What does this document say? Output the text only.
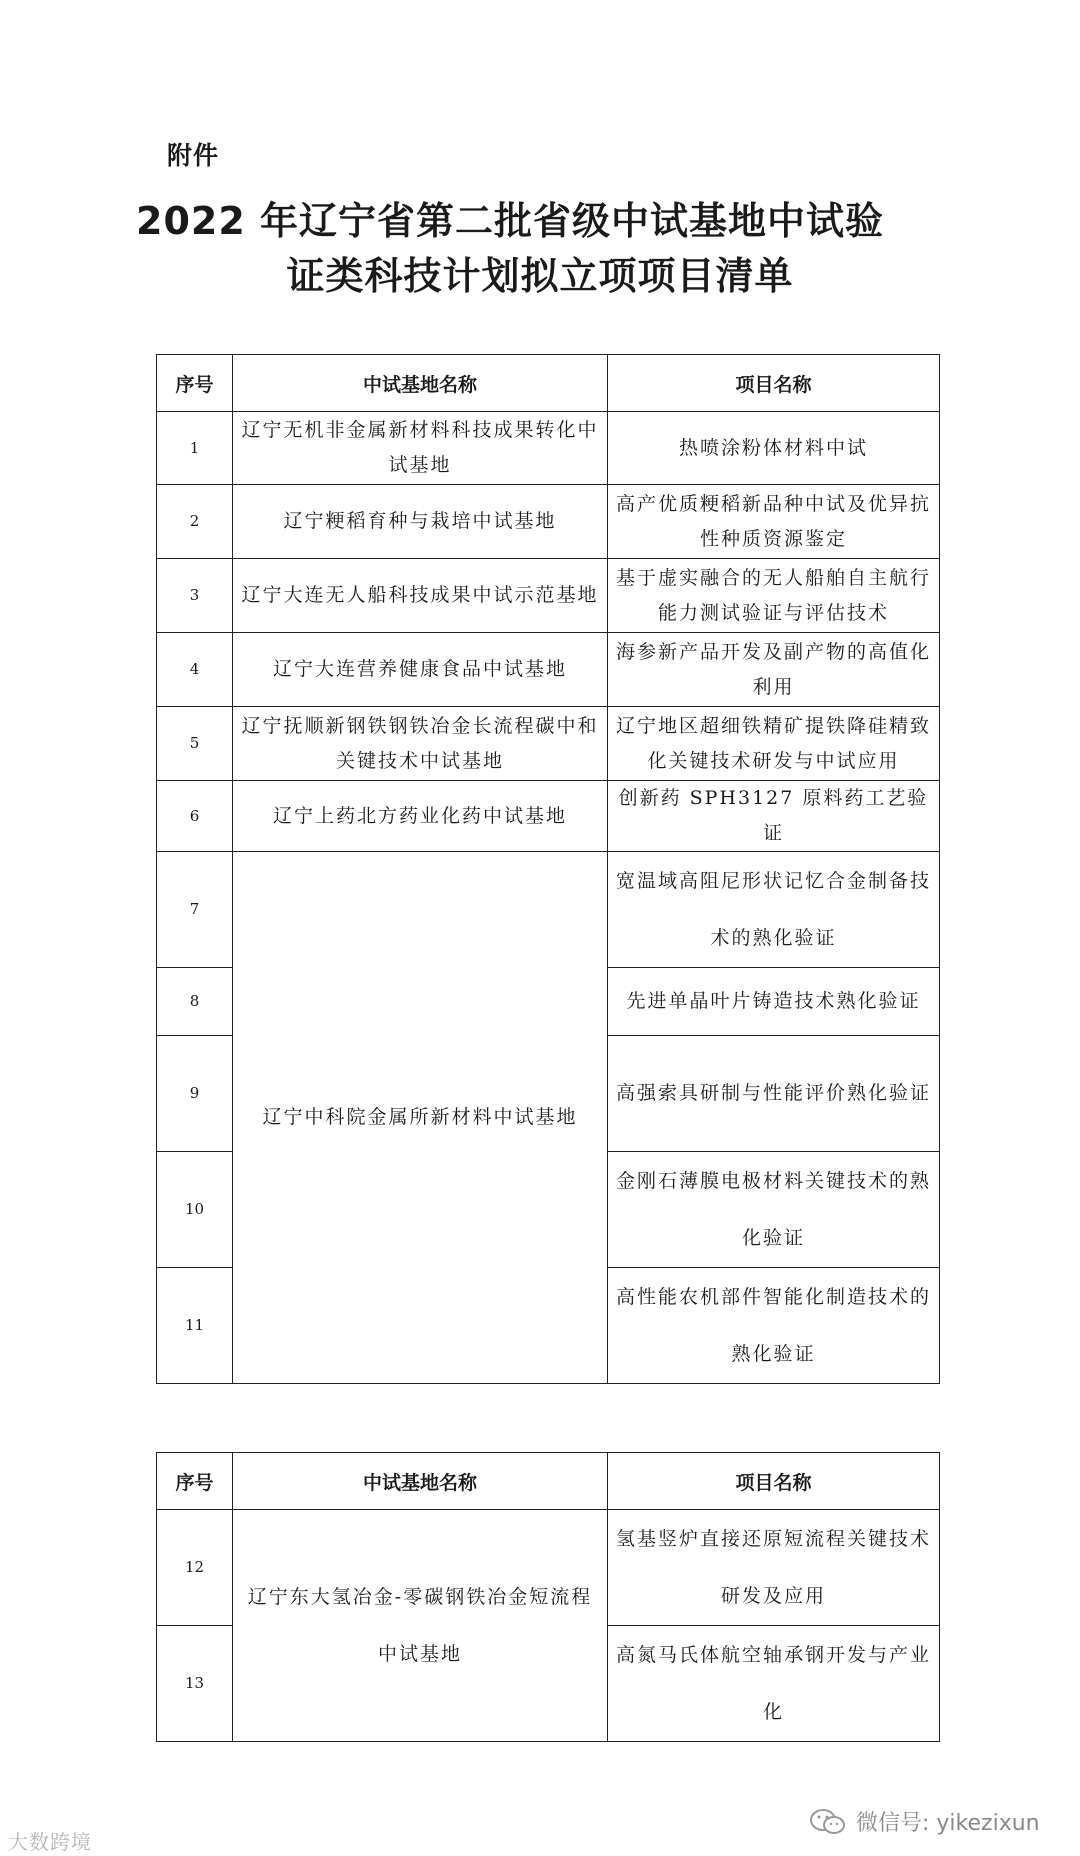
附件
2022 年辽宁省第二批省级中试基地中试验
证类科技计划拟立项项目清单
序号	中试基地名称	项目名称
1	辽宁无机非金属新材料科技成果转化中试基地	热喷涂粉体材料中试
2	辽宁粳稻育种与栽培中试基地	高产优质粳稻新品种中试及优异抗性种质资源鉴定
3	辽宁大连无人船科技成果中试示范基地	基于虚实融合的无人船舶自主航行能力测试验证与评估技术
4	辽宁大连营养健康食品中试基地	海参新产品开发及副产物的高值化利用
5	辽宁抚顺新钢铁钢铁冶金长流程碳中和关键技术中试基地	辽宁地区超细铁精矿提铁降硅精致化关键技术研发与中试应用
6	辽宁上药北方药业化药中试基地	创新药 SPH3127 原料药工艺验证
7	辽宁中科院金属所新材料中试基地	宽温域高阻尼形状记忆合金制备技术的熟化验证
8		先进单晶叶片铸造技术熟化验证
9		高强索具研制与性能评价熟化验证
10		金刚石薄膜电极材料关键技术的熟化验证
11		高性能农机部件智能化制造技术的熟化验证
序号	中试基地名称	项目名称
12	辽宁东大氢冶金-零碳钢铁冶金短流程中试基地	氢基竖炉直接还原短流程关键技术研发及应用
13		高氮马氏体航空轴承钢开发与产业化
大数跨境
微信号: yikezixun
